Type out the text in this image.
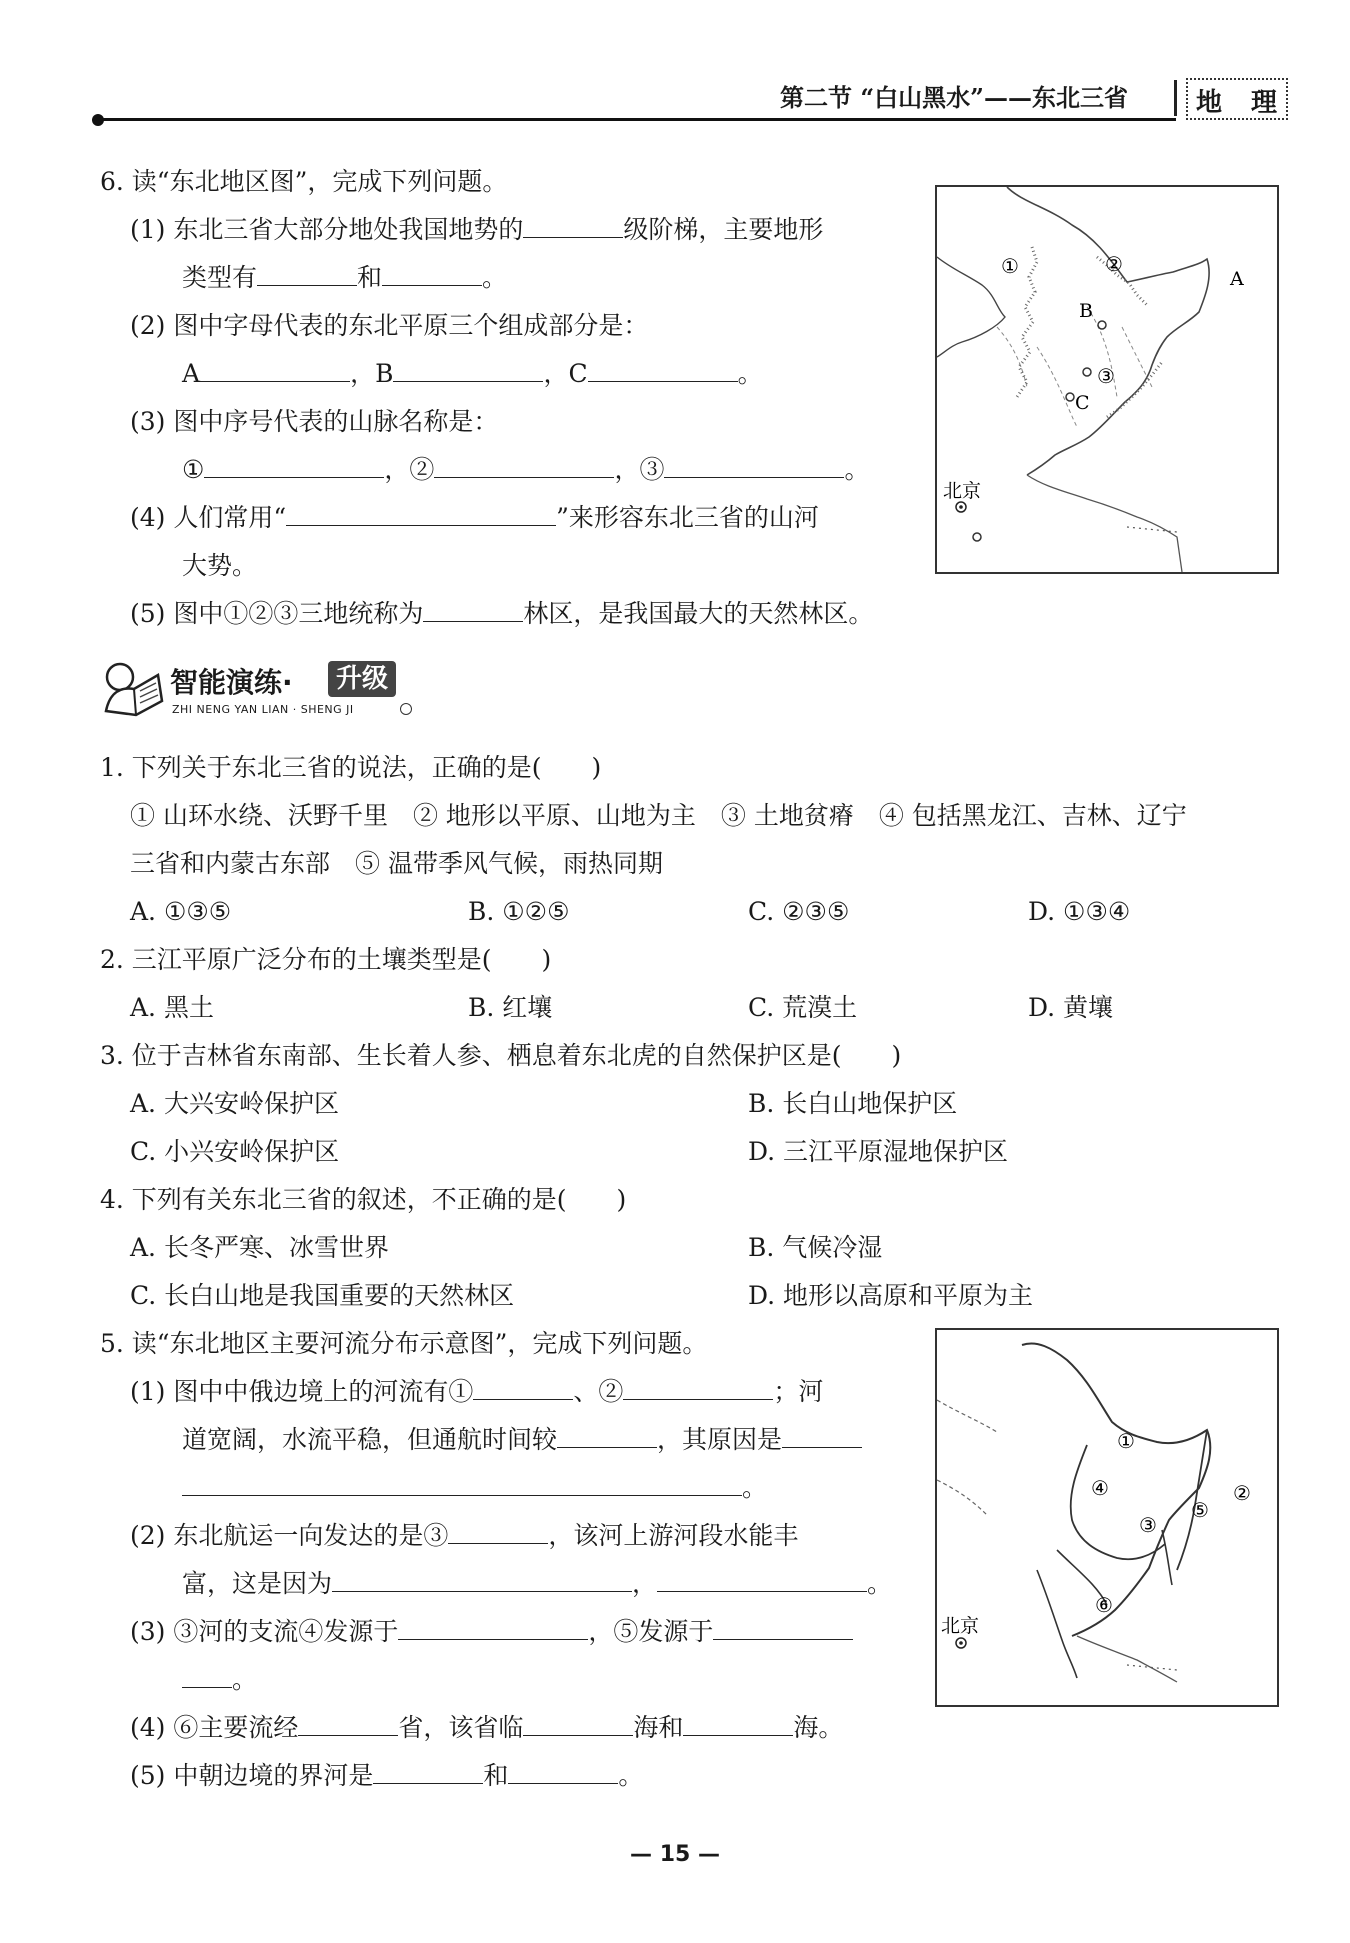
第二节 “白山黑水”——东北三省	地 理
6. 读“东北地区图”，完成下列问题。
(1) 东北三省大部分地处我国地势的	级阶梯，主要地形
类型有	和	。
(2) 图中字母代表的东北平原三个组成部分是：
A	，B	，C	。
(3) 图中序号代表的山脉名称是：
①	，②	，③	。
(4) 人们常用“	”来形容东北三省的山河
大势。
(5) 图中①②③三地统称为	林区，是我国最大的天然林区。
①	②
③
A
B
C
北京
智能演练·	升级
ZHI NENG YAN LIAN · SHENG JI
1. 下列关于东北三省的说法，正确的是(　　)
① 山环水绕、沃野千里　② 地形以平原、山地为主　③ 土地贫瘠　④ 包括黑龙江、吉林、辽宁
三省和内蒙古东部　⑤ 温带季风气候，雨热同期
A. ①③⑤	B. ①②⑤	C. ②③⑤	D. ①③④
2. 三江平原广泛分布的土壤类型是(　　)
A. 黑土	B. 红壤	C. 荒漠土	D. 黄壤
3. 位于吉林省东南部、生长着人参、栖息着东北虎的自然保护区是(　　)
A. 大兴安岭保护区	B. 长白山地保护区
C. 小兴安岭保护区	D. 三江平原湿地保护区
4. 下列有关东北三省的叙述，不正确的是(　　)
A. 长冬严寒、冰雪世界	B. 气候冷湿
C. 长白山地是我国重要的天然林区	D. 地形以高原和平原为主
5. 读“东北地区主要河流分布示意图”，完成下列问题。
(1) 图中中俄边境上的河流有①	、②	；河
道宽阔，水流平稳，但通航时间较	，其原因是
。
(2) 东北航运一向发达的是③	，该河上游河段水能丰
富，这是因为	，	。
(3) ③河的支流④发源于	，⑤发源于
。
(4) ⑥主要流经	省，该省临	海和	海。
(5) 中朝边境的界河是	和	。
①
②
③
④
⑤
⑥
北京
— 15 —
